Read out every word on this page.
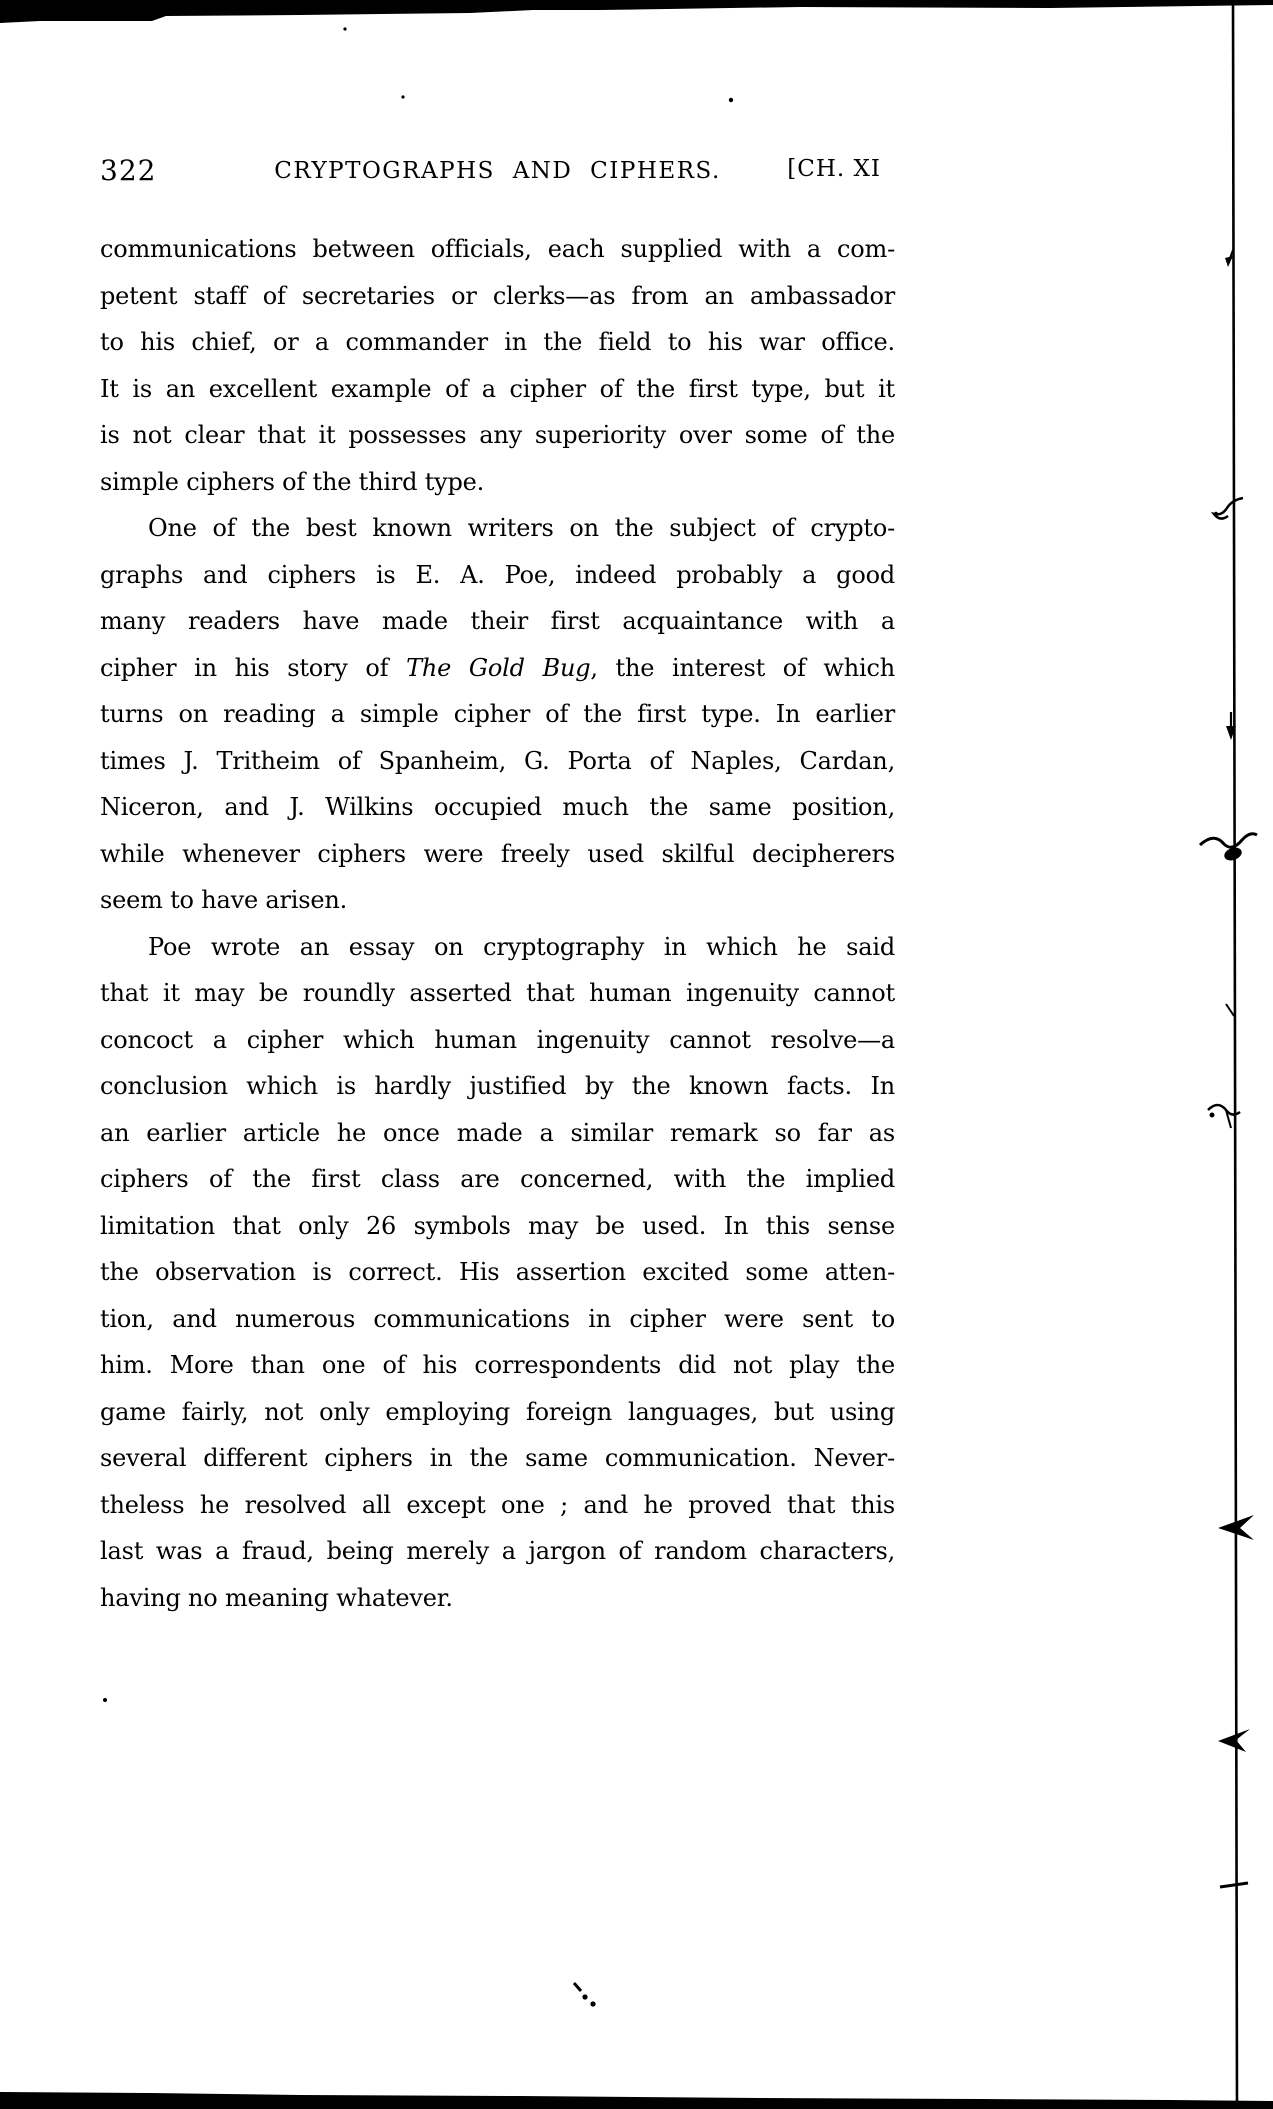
322	CRYPTOGRAPHS AND CIPHERS.	[CH. XI
communications between officials, each supplied with a com-
petent staff of secretaries or clerks—as from an ambassador
to his chief, or a commander in the field to his war office.
It is an excellent example of a cipher of the first type, but it
is not clear that it possesses any superiority over some of the
simple ciphers of the third type.
One of the best known writers on the subject of crypto-
graphs and ciphers is E. A. Poe, indeed probably a good
many readers have made their first acquaintance with a
cipher in his story of The Gold Bug, the interest of which
turns on reading a simple cipher of the first type. In earlier
times J. Tritheim of Spanheim, G. Porta of Naples, Cardan,
Niceron, and J. Wilkins occupied much the same position,
while whenever ciphers were freely used skilful decipherers
seem to have arisen.
Poe wrote an essay on cryptography in which he said
that it may be roundly asserted that human ingenuity cannot
concoct a cipher which human ingenuity cannot resolve—a
conclusion which is hardly justified by the known facts. In
an earlier article he once made a similar remark so far as
ciphers of the first class are concerned, with the implied
limitation that only 26 symbols may be used. In this sense
the observation is correct. His assertion excited some atten-
tion, and numerous communications in cipher were sent to
him. More than one of his correspondents did not play the
game fairly, not only employing foreign languages, but using
several different ciphers in the same communication. Never-
theless he resolved all except one ; and he proved that this
last was a fraud, being merely a jargon of random characters,
having no meaning whatever.
